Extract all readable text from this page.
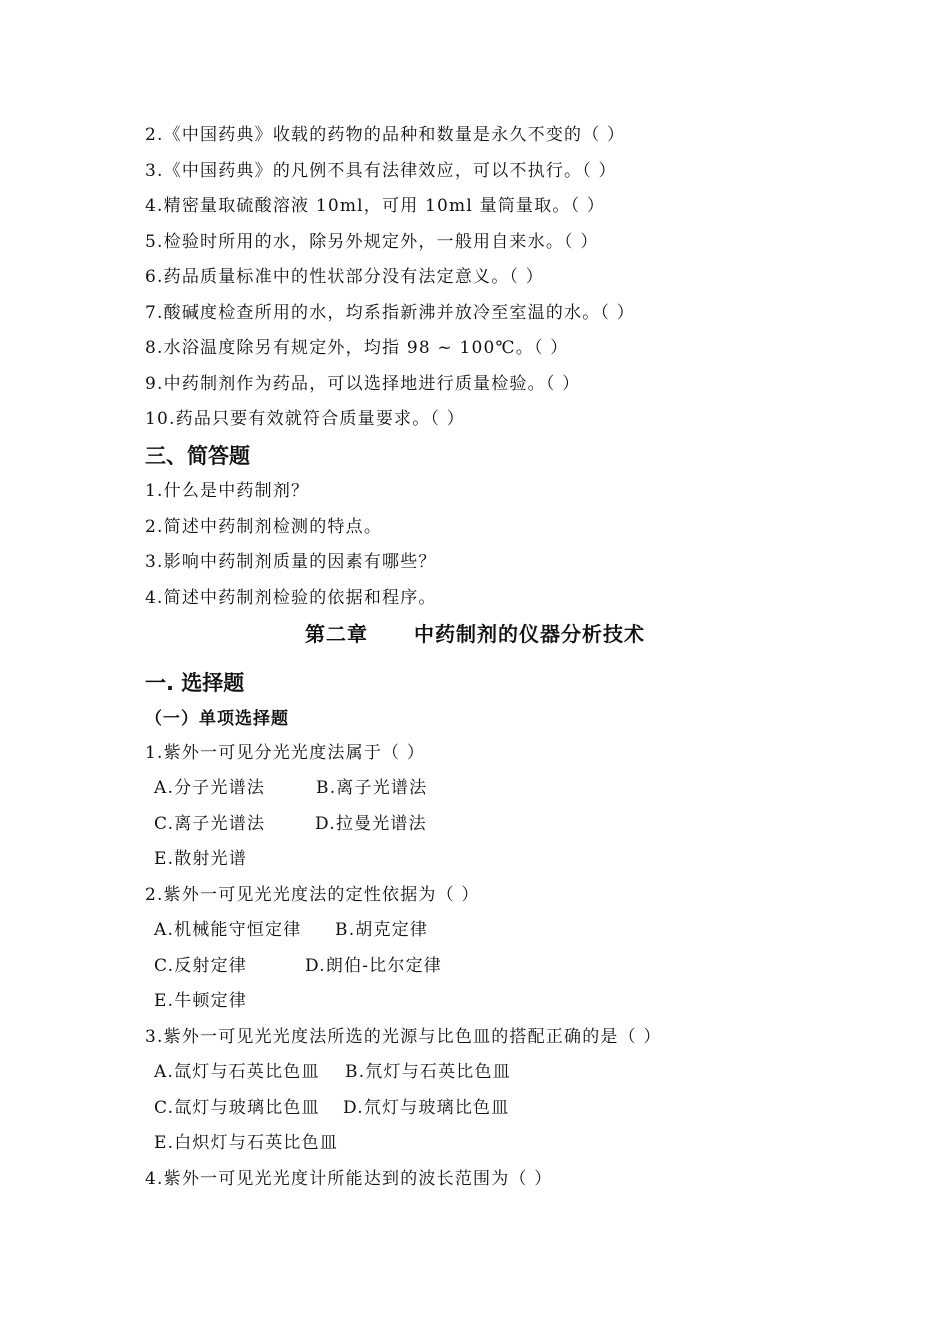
2.《中国药典》收载的药物的品种和数量是永久不变的（ ）
3.《中国药典》的凡例不具有法律效应，可以不执行。（ ）
4.精密量取硫酸溶液 10ml，可用 10ml 量筒量取。（ ）
5.检验时所用的水，除另外规定外，一般用自来水。（ ）
6.药品质量标准中的性状部分没有法定意义。（ ）
7.酸碱度检查所用的水，均系指新沸并放冷至室温的水。（ ）
8.水浴温度除另有规定外，均指 98 ~ 100℃。（ ）
9.中药制剂作为药品，可以选择地进行质量检验。（ ）
10.药品只要有效就符合质量要求。（ ）
三、简答题
1.什么是中药制剂？
2.简述中药制剂检测的特点。
3.影响中药制剂质量的因素有哪些？
4.简述中药制剂检验的依据和程序。
第二章 中药制剂的仪器分析技术
一. 选择题
（一）单项选择题
1.紫外一可见分光光度法属于（ ）
A.分子光谱法	B.离子光谱法
C.离子光谱法	D.拉曼光谱法
E.散射光谱
2.紫外一可见光光度法的定性依据为（ ）
A.机械能守恒定律 B.胡克定律
C.反射定律	D.朗伯-比尔定律
E.牛顿定律
3.紫外一可见光光度法所选的光源与比色皿的搭配正确的是（ ）
A.氙灯与石英比色皿 B.氘灯与石英比色皿
C.氙灯与玻璃比色皿 D.氘灯与玻璃比色皿
E.白炽灯与石英比色皿
4.紫外一可见光光度计所能达到的波长范围为（ ）
